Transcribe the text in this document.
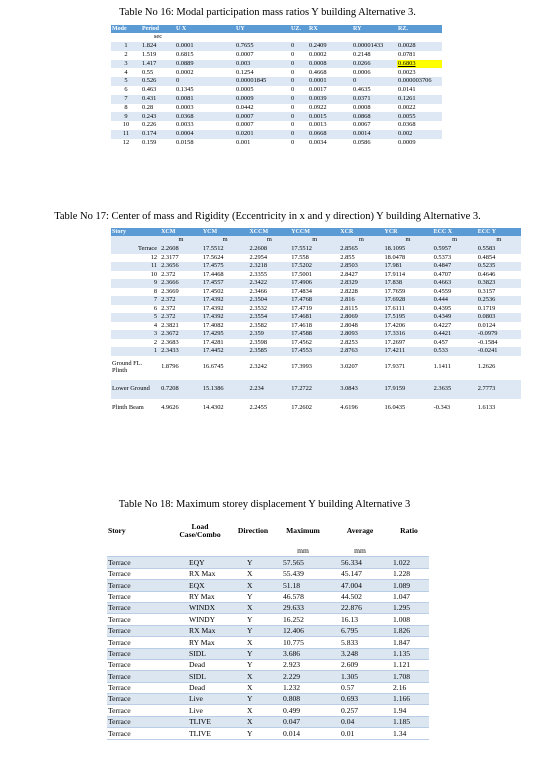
Table No 16: Modal participation mass ratios Y building Alternative 3.
Mode	Period	U X	UY	UZ.	RX	RY	RZ.
	sec						
1	1.824	0.0001	0.7655	0	0.2409	0.00001433	0.0028
2	1.519	0.6815	0.0007	0	0.0002	0.2148	0.0781
3	1.417	0.0889	0.003	0	0.0008	0.0266	0.6803
4	0.55	0.0002	0.1254	0	0.4668	0.0006	0.0023
5	0.526	0	0.00001845	0	0.0001	0	0.000003706
6	0.463	0.1345	0.0005	0	0.0017	0.4635	0.0141
7	0.431	0.0081	0.0009	0	0.0039	0.0371	0.1261
8	0.28	0.0003	0.0442	0	0.0922	0.0008	0.0022
9	0.243	0.0368	0.0007	0	0.0015	0.0868	0.0055
10	0.226	0.0033	0.0007	0	0.0013	0.0067	0.0368
11	0.174	0.0004	0.0201	0	0.0668	0.0014	0.002
12	0.159	0.0158	0.001	0	0.0034	0.0586	0.0009
Table No 17: Center of mass and Rigidity (Eccentricity in x and y direction) Y building Alternative 3.
Story	XCM	YCM	XCCM	YCCM	XCR	YCR	ECC X	ECC Y
	m	m	m	m	m	m	m	m
Terrace	2.2608	17.5512	2.2608	17.5512	2.8565	18.1095	0.5957	0.5583
12	2.3177	17.5624	2.2954	17.558	2.855	18.0478	0.5373	0.4854
11	2.3656	17.4575	2.3218	17.5202	2.8503	17.981	0.4847	0.5235
10	2.372	17.4468	2.3355	17.5001	2.8427	17.9114	0.4707	0.4646
9	2.3666	17.4557	2.3422	17.4906	2.8329	17.838	0.4663	0.3823
8	2.3669	17.4502	2.3466	17.4834	2.8228	17.7659	0.4559	0.3157
7	2.372	17.4392	2.3504	17.4768	2.816	17.6928	0.444	0.2536
6	2.372	17.4392	2.3532	17.4719	2.8115	17.6111	0.4395	0.1719
5	2.372	17.4392	2.3554	17.4681	2.8069	17.5195	0.4349	0.0803
4	2.3821	17.4082	2.3582	17.4618	2.8048	17.4206	0.4227	0.0124
3	2.3672	17.4295	2.359	17.4588	2.8093	17.3316	0.4421	-0.0979
2	2.3683	17.4281	2.3598	17.4562	2.8253	17.2697	0.457	-0.1584
1	2.3433	17.4452	2.3585	17.4553	2.8763	17.4211	0.533	-0.0241
Ground FL. Plinth	1.8796	16.6745	2.3242	17.3993	3.0207	17.9371	1.1411	1.2626
Lower Ground	0.7208	15.1386	2.234	17.2722	3.0843	17.9159	2.3635	2.7773
Plinth Beam	4.9626	14.4302	2.2455	17.2602	4.6196	16.0435	-0.343	1.6133
Table No 18: Maximum storey displacement Y building Alternative 3
Story	Load Case/Combo	Direction	Maximum	Average	Ratio
			mm	mm	
Terrace	EQY	Y	57.565	56.334	1.022
Terrace	RX Max	X	55.439	45.147	1.228
Terrace	EQX	X	51.18	47.004	1.089
Terrace	RY Max	Y	46.578	44.502	1.047
Terrace	WINDX	X	29.633	22.876	1.295
Terrace	WINDY	Y	16.252	16.13	1.008
Terrace	RX Max	Y	12.406	6.795	1.826
Terrace	RY Max	X	10.775	5.833	1.847
Terrace	SIDL	Y	3.686	3.248	1.135
Terrace	Dead	Y	2.923	2.609	1.121
Terrace	SIDL	X	2.229	1.305	1.708
Terrace	Dead	X	1.232	0.57	2.16
Terrace	Live	Y	0.808	0.693	1.166
Terrace	Live	X	0.499	0.257	1.94
Terrace	TLIVE	X	0.047	0.04	1.185
Terrace	TLIVE	Y	0.014	0.01	1.34
